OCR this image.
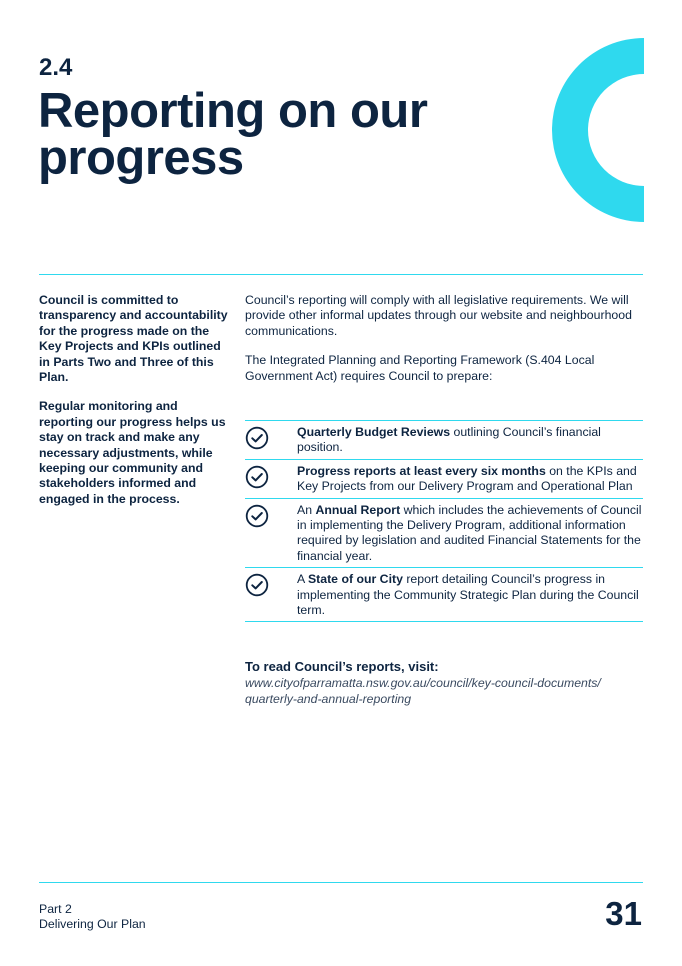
2.4
Reporting on our progress

Council is committed to transparency and accountability for the progress made on the Key Projects and KPIs outlined in Parts Two and Three of this Plan.

Regular monitoring and reporting our progress helps us stay on track and make any necessary adjustments, while keeping our community and stakeholders informed and engaged in the process.

Council’s reporting will comply with all legislative requirements. We will provide other informal updates through our website and neighbourhood communications.

The Integrated Planning and Reporting Framework (S.404 Local Government Act) requires Council to prepare:

Quarterly Budget Reviews outlining Council’s financial position.
Progress reports at least every six months on the KPIs and Key Projects from our Delivery Program and Operational Plan
An Annual Report which includes the achievements of Council in implementing the Delivery Program, additional information required by legislation and audited Financial Statements for the financial year.
A State of our City report detailing Council’s progress in implementing the Community Strategic Plan during the Council term.
To read Council’s reports, visit:
www.cityofparramatta.nsw.gov.au/council/key-council-documents/
quarterly-and-annual-reporting
Part 2
Delivering Our Plan	31
